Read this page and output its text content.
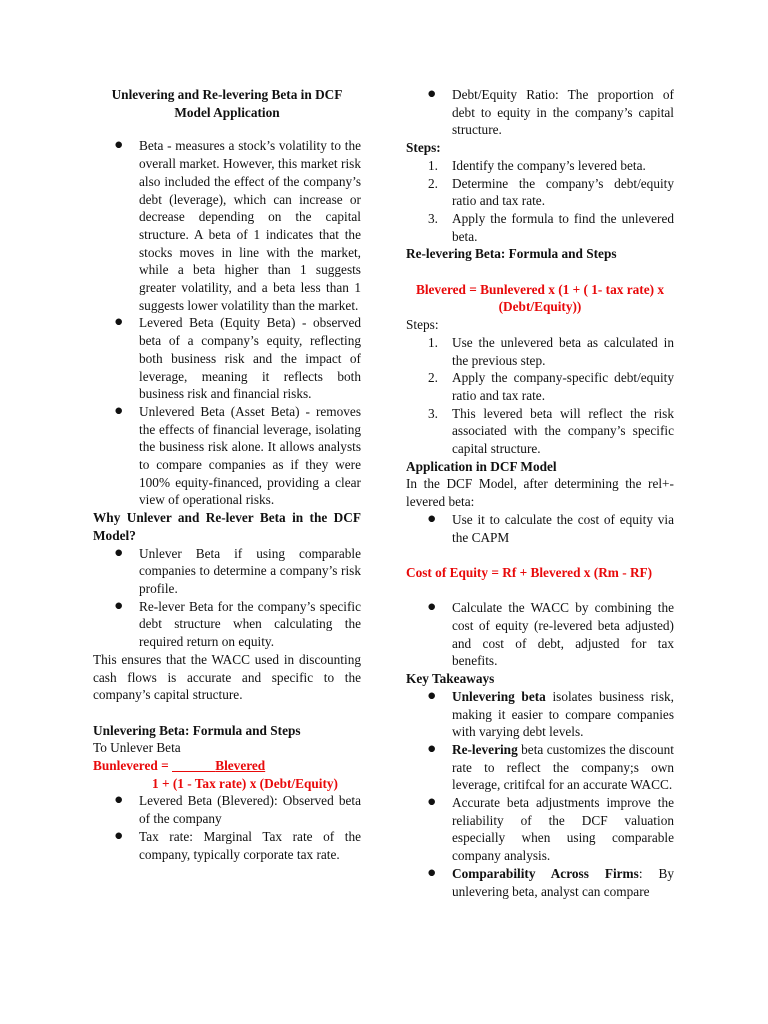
Unlevering and Re-levering Beta in DCF Model Application

● Beta - measures a stock’s volatility to the overall market. However, this market risk also included the effect of the company’s debt (leverage), which can increase or decrease depending on the capital structure. A beta of 1 indicates that the stocks moves in line with the market, while a beta higher than 1 suggests greater volatility, and a beta less than 1 suggests lower volatility than the market.
● Levered Beta (Equity Beta) - observed beta of a company’s equity, reflecting both business risk and the impact of leverage, meaning it reflects both business risk and financial risks.
● Unlevered Beta (Asset Beta) - removes the effects of financial leverage, isolating the business risk alone. It allows analysts to compare companies as if they were 100% equity-financed, providing a clear view of operational risks.

Why Unlever and Re-lever Beta in the DCF Model?

● Unlever Beta if using comparable companies to determine a company’s risk profile.
● Re-lever Beta for the company’s specific debt structure when calculating the required return on equity.

This ensures that the WACC used in discounting cash flows is accurate and specific to the company’s capital structure.

Unlevering Beta: Formula and Steps

To Unlever Beta

Bunlevered =	Blevered

1 + (1 - Tax rate) x (Debt/Equity)

● Levered Beta (Blevered): Observed beta of the company
● Tax rate: Marginal Tax rate of the company, typically corporate tax rate.
● Debt/Equity Ratio: The proportion of debt to equity in the company’s capital structure.

Steps:

1. Identify the company’s levered beta.
2. Determine the company’s debt/equity ratio and tax rate.
3. Apply the formula to find the unlevered beta.

Re-levering Beta: Formula and Steps

Blevered = Bunlevered x (1 + ( 1- tax rate) x (Debt/Equity))

Steps:

1. Use the unlevered beta as calculated in the previous step.
2. Apply the company-specific debt/equity ratio and tax rate.
3. This levered beta will reflect the risk associated with the company’s specific capital structure.

Application in DCF Model

In the DCF Model, after determining the rel+-levered beta:

● Use it to calculate the cost of equity via the CAPM

Cost of Equity = Rf + Blevered x (Rm - RF)

● Calculate the WACC by combining the cost of equity (re-levered beta adjusted) and cost of debt, adjusted for tax benefits.

Key Takeaways

● Unlevering beta isolates business risk, making it easier to compare companies with varying debt levels.
● Re-levering beta customizes the discount rate to reflect the company;s own leverage, critifcal for an accurate WACC.
● Accurate beta adjustments improve the reliability of the DCF valuation especially when using comparable company analysis.
● Comparability Across Firms: By unlevering beta, analyst can compare
